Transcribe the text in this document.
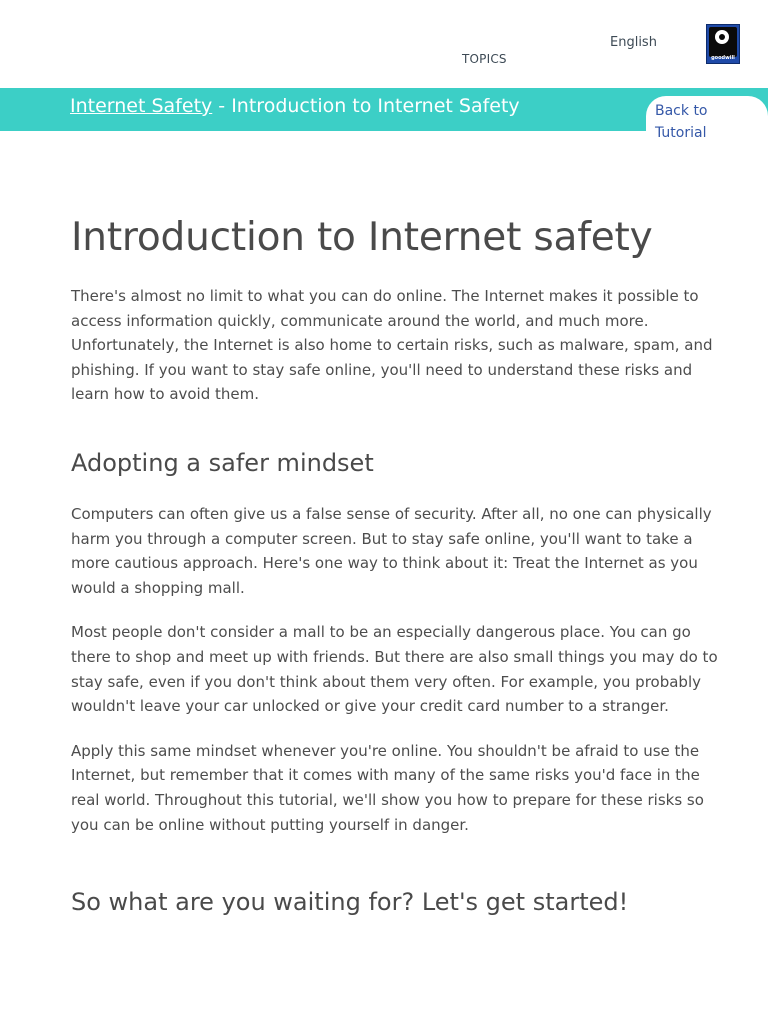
TOPICS
English
goodwill
Internet Safety - Introduction to Internet Safety	Back to Tutorial
Introduction to Internet safety

There's almost no limit to what you can do online. The Internet makes it possible to access information quickly, communicate around the world, and much more. Unfortunately, the Internet is also home to certain risks, such as malware, spam, and phishing. If you want to stay safe online, you'll need to understand these risks and learn how to avoid them.

Adopting a safer mindset

Computers can often give us a false sense of security. After all, no one can physically harm you through a computer screen. But to stay safe online, you'll want to take a more cautious approach. Here's one way to think about it: Treat the Internet as you would a shopping mall.

Most people don't consider a mall to be an especially dangerous place. You can go there to shop and meet up with friends. But there are also small things you may do to stay safe, even if you don't think about them very often. For example, you probably wouldn't leave your car unlocked or give your credit card number to a stranger.

Apply this same mindset whenever you're online. You shouldn't be afraid to use the Internet, but remember that it comes with many of the same risks you'd face in the real world. Throughout this tutorial, we'll show you how to prepare for these risks so you can be online without putting yourself in danger.

So what are you waiting for? Let's get started!
